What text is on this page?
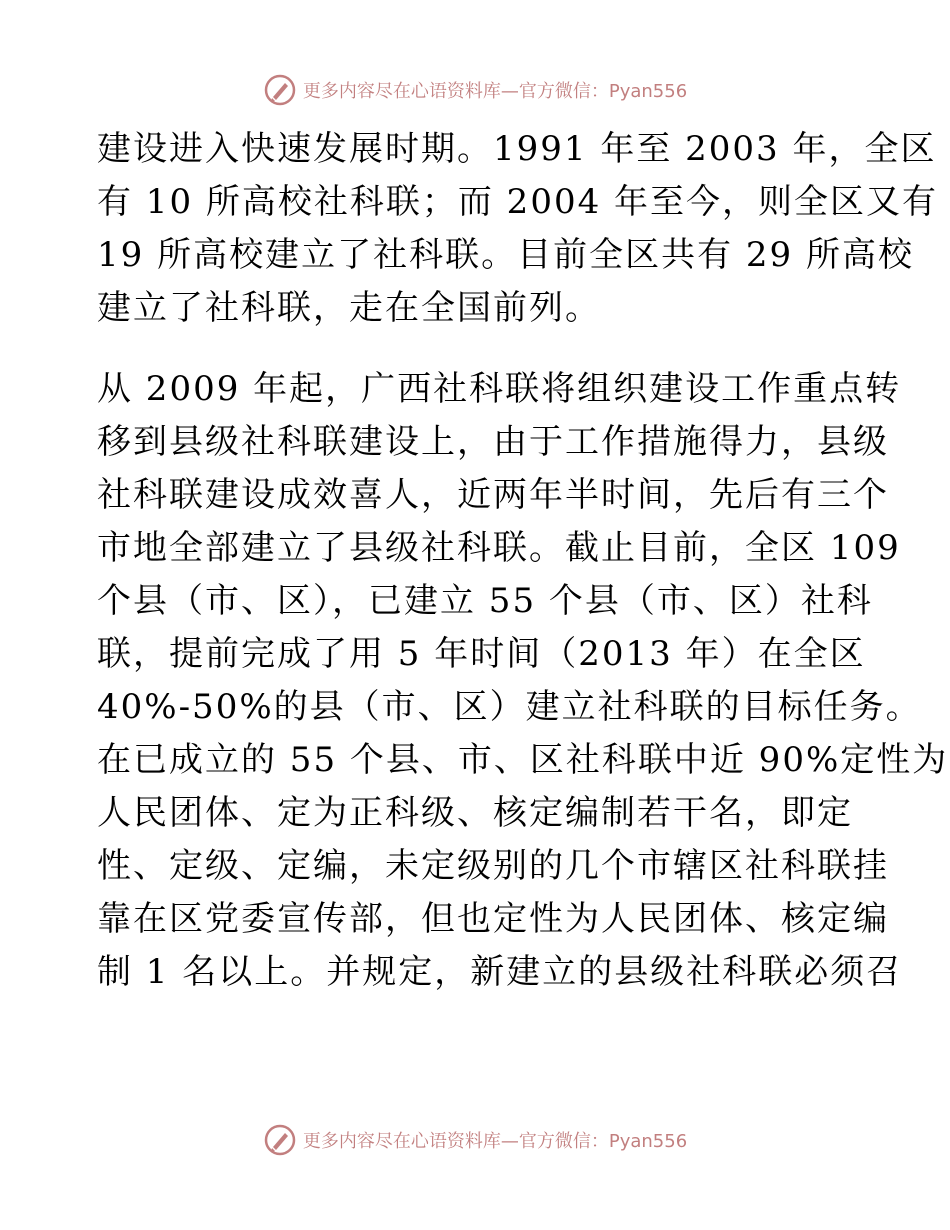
更多内容尽在心语资料库—官方微信：Pyan556
建设进入快速发展时期。1991 年至 2003 年，全区
有 10 所高校社科联；而 2004 年至今，则全区又有
19 所高校建立了社科联。目前全区共有 29 所高校
建立了社科联，走在全国前列。
从 2009 年起，广西社科联将组织建设工作重点转
移到县级社科联建设上，由于工作措施得力，县级
社科联建设成效喜人，近两年半时间，先后有三个
市地全部建立了县级社科联。截止目前，全区 109
个县（市、区），已建立 55 个县（市、区）社科
联，提前完成了用 5 年时间（2013 年）在全区
40%-50%的县（市、区）建立社科联的目标任务。
在已成立的 55 个县、市、区社科联中近 90%定性为
人民团体、定为正科级、核定编制若干名，即定
性、定级、定编，未定级别的几个市辖区社科联挂
靠在区党委宣传部，但也定性为人民团体、核定编
制 1 名以上。并规定，新建立的县级社科联必须召
更多内容尽在心语资料库—官方微信：Pyan556
